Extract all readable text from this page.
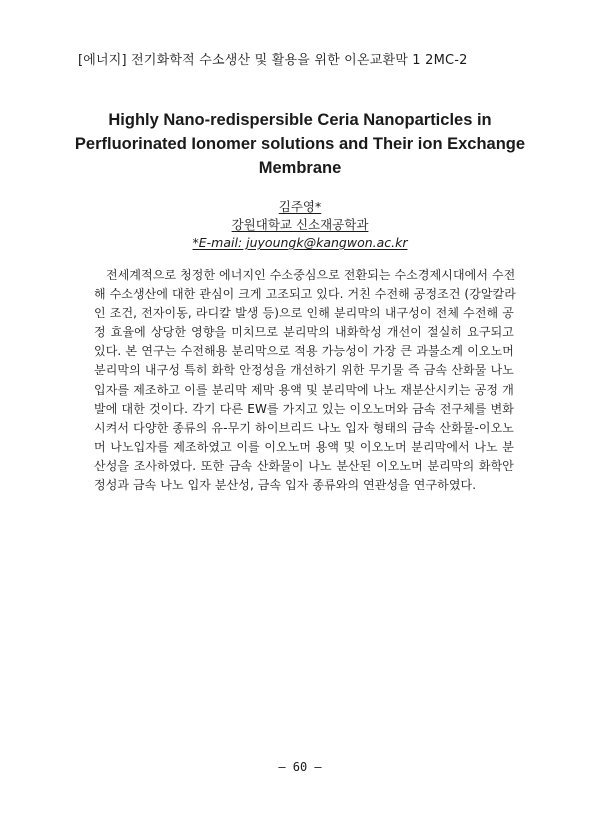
[에너지] 전기화학적 수소생산 및 활용을 위한 이온교환막 1 2MC-2
Highly Nano-redispersible Ceria Nanoparticles in
Perfluorinated Ionomer solutions and Their ion Exchange
Membrane
김주영*
강원대학교 신소재공학과
*E-mail: juyoungk@kangwon.ac.kr
전세계적으로 청정한 에너지인 수소중심으로 전환되는 수소경제시대에서 수전
해 수소생산에 대한 관심이 크게 고조되고 있다. 거친 수전해 공정조건 (강알칼라
인 조건, 전자이동, 라디칼 발생 등)으로 인해 분리막의 내구성이 전체 수전해 공
정 효율에 상당한 영향을 미치므로 분리막의 내화학성 개선이 절실히 요구되고
있다. 본 연구는 수전해용 분리막으로 적용 가능성이 가장 큰 과불소계 이오노머
분리막의 내구성 특히 화학 안정성을 개선하기 위한 무기물 즉 금속 산화물 나노
입자를 제조하고 이를 분리막 제막 용액 및 분리막에 나노 재분산시키는 공정 개
발에 대한 것이다. 각기 다른 EW를 가지고 있는 이오노머와 금속 전구체를 변화
시켜서 다양한 종류의 유-무기 하이브리드 나노 입자 형태의 금속 산화물-이오노
머 나노입자를 제조하였고 이를 이오노머 용액 및 이오노머 분리막에서 나노 분
산성을 조사하였다. 또한 금속 산화물이 나노 분산된 이오노머 분리막의 화학안
정성과 금속 나노 입자 분산성, 금속 입자 종류와의 연관성을 연구하였다.
— 60 —
